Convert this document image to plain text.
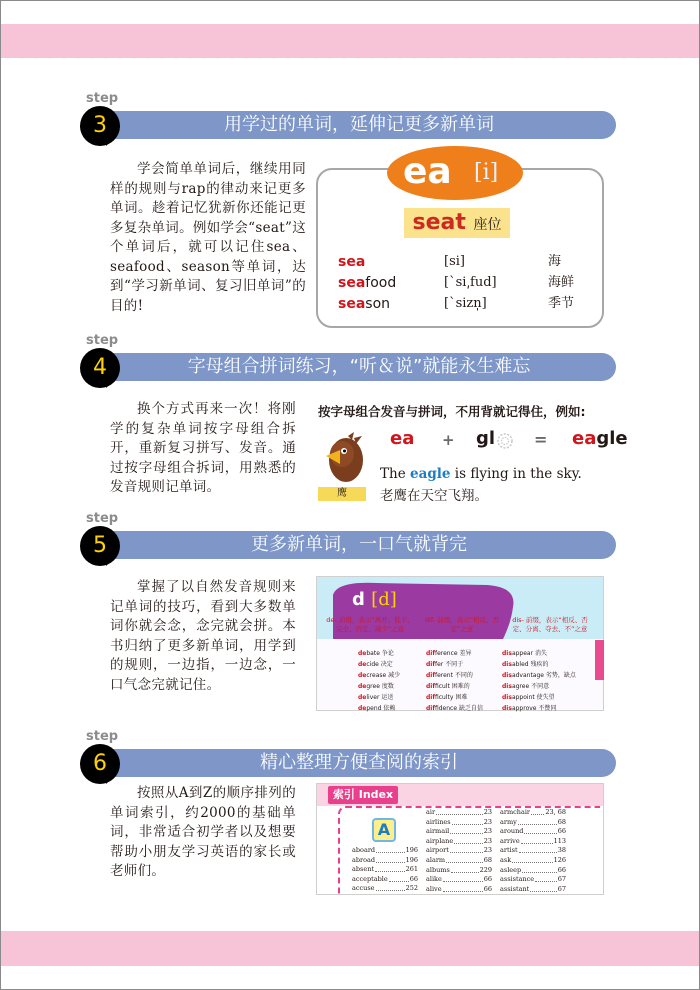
step
用学过的单词，延伸记更多新单词
3
学会简单单词后，继续用同样的规则与rap的律动来记更多单词。趁着记忆犹新你还能记更多复杂单词。例如学会“seat”这个单词后，就可以记住sea、seafood、season等单词，达到“学习新单词、复习旧单词”的目的!
ea	[i]
seat 座位
sea	[si]	海
seafood	[ˋsi͵fud]	海鲜
season	[ˋsizn̩]	季节
step
字母组合拼词练习，“听＆说”就能永生难忘
4
换个方式再来一次！将刚学的复杂单词按字母组合拆开，重新复习拼写、发音。通过按字母组合拆词，用熟悉的发音规则记单词。
按字母组合发音与拼词，不用背就记得住，例如:
鹰
ea + gl = eagle
The eagle is flying in the sky.
老鹰在天空飞翔。
step
更多新单词，一口气就背完
5
掌握了以自然发音规则来记单词的技巧，看到大多数单词你就会念，念完就会拼。本书归纳了更多新单词，用学到的规则，一边指，一边念，一口气念完就记住。
d [d]
de- 前缀，表示“离开、低下、完全、否定、减少”之意
dif- 前缀，表示“相反、否定”之意
dis- 前缀，表示“相反、否定、分离、夺去、不”之意
debate 争论
decide 决定
decrease 减少
degree 度数
deliver 运送
depend 依赖
difference 差异
differ 不同于
different 不同的
difficult 困难的
difficulty 困难
diffidence 缺乏自信
disappear 消失
disabled 残疾的
disadvantage 劣势，缺点
disagree 不同意
disappoint 使失望
disapprove 不赞同
step
精心整理方便查阅的索引
6
按照从A到Z的顺序排列的单词索引，约2000的基础单词，非常适合初学者以及想要帮助小朋友学习英语的家长或老师们。
索引 Index
A
aboard	196
abroad	196
absent	261
acceptable	66
accuse	252
air	23
airlines	23
airmail	23
airplane	23
airport	23
alarm	68
albums	229
alike	66
alive	66
armchair 23, 68
army	68
around	66
arrive	113
artist	38
ask	126
asleep	66
assistance	67
assistant	67
